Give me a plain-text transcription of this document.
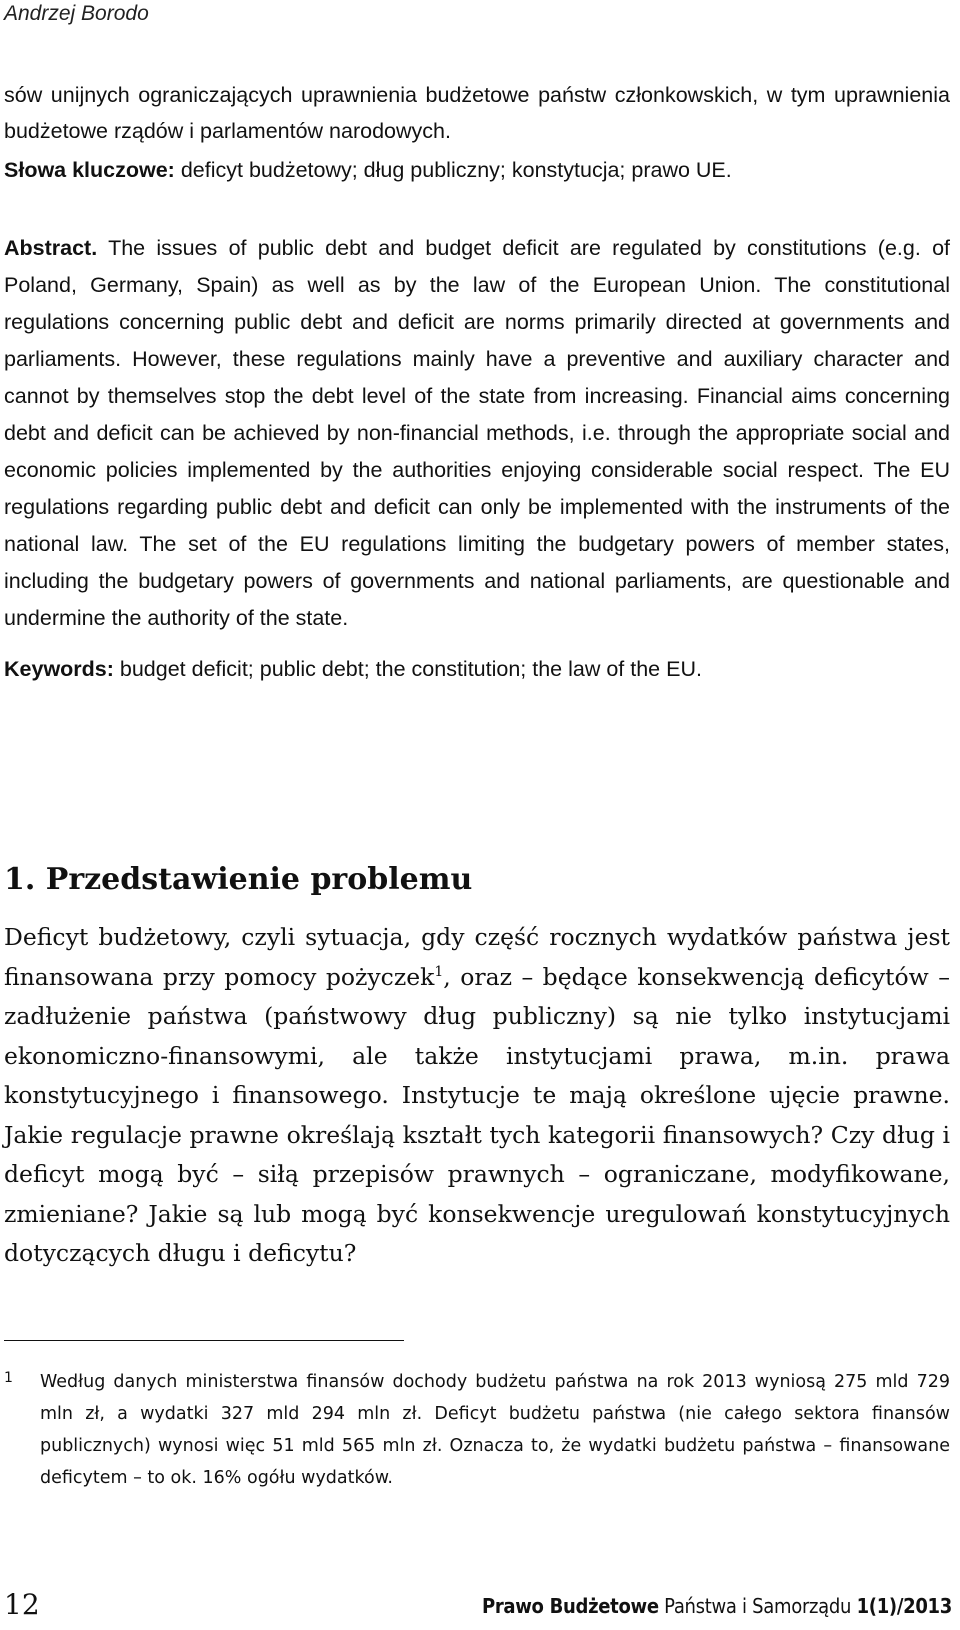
Andrzej Borodo

sów unijnych ograniczających uprawnienia budżetowe państw członkowskich, w tym uprawnienia budżetowe rządów i parlamentów narodowych.

Słowa kluczowe: deficyt budżetowy; dług publiczny; konstytucja; prawo UE.

Abstract. The issues of public debt and budget deficit are regulated by constitutions (e.g. of Poland, Germany, Spain) as well as by the law of the European Union. The constitutional regulations concerning public debt and deficit are norms primarily directed at governments and parliaments. However, these regulations mainly have a preventive and auxiliary character and cannot by themselves stop the debt level of the state from increasing. Financial aims concerning debt and deficit can be achieved by non-financial methods, i.e. through the appropriate social and economic policies implemented by the authorities enjoying considerable social respect. The EU regulations regarding public debt and deficit can only be implemented with the instruments of the national law. The set of the EU regulations limiting the budgetary powers of member states, including the budgetary powers of governments and national parliaments, are questionable and undermine the authority of the state.

Keywords: budget deficit; public debt; the constitution; the law of the EU.

1. Przedstawienie problemu

Deficyt budżetowy, czyli sytuacja, gdy część rocznych wydatków państwa jest finansowana przy pomocy pożyczek$^1$, oraz – będące konsekwencją deficytów – zadłużenie państwa (państwowy dług publiczny) są nie tylko instytucjami ekonomiczno-finansowymi, ale także instytucjami prawa, m.in. prawa konstytucyjnego i finansowego. Instytucje te mają określone ujęcie prawne. Jakie regulacje prawne określają kształt tych kategorii finansowych? Czy dług i deficyt mogą być – siłą przepisów prawnych – ograniczane, modyfikowane, zmieniane? Jakie są lub mogą być konsekwencje uregulowań konstytucyjnych dotyczących długu i deficytu?

1 Według danych ministerstwa finansów dochody budżetu państwa na rok 2013 wyniosą 275 mld 729 mln zł, a wydatki 327 mld 294 mln zł. Deficyt budżetu państwa (nie całego sektora finansów publicznych) wynosi więc 51 mld 565 mln zł. Oznacza to, że wydatki budżetu państwa – finansowane deficytem – to ok. 16% ogółu wydatków.
12	Prawo Budżetowe Państwa i Samorządu 1(1)/2013
